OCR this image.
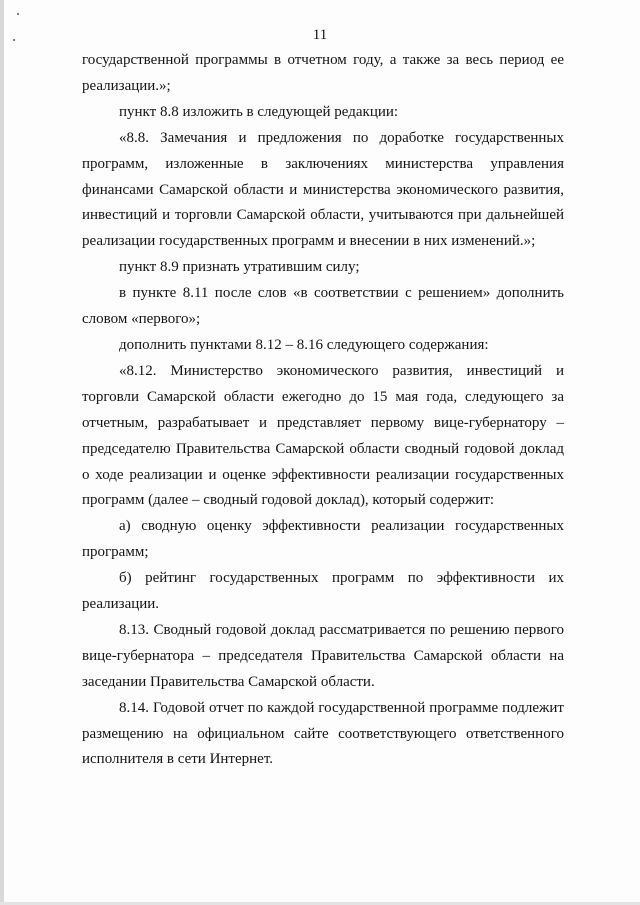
11

государственной программы в отчетном году, а также за весь период ее реализации.»;

пункт 8.8 изложить в следующей редакции:

«8.8. Замечания и предложения по доработке государственных программ, изложенные в заключениях министерства управления финансами Самарской области и министерства экономического развития, инвестиций и торговли Самарской области, учитываются при дальнейшей реализации государственных программ и внесении в них изменений.»;

пункт 8.9 признать утратившим силу;

в пункте 8.11 после слов «в соответствии с решением» дополнить словом «первого»;

дополнить пунктами 8.12 – 8.16 следующего содержания:

«8.12. Министерство экономического развития, инвестиций и торговли Самарской области ежегодно до 15 мая года, следующего за отчетным, разрабатывает и представляет первому вице-губернатору – председателю Правительства Самарской области сводный годовой доклад о ходе реализации и оценке эффективности реализации государственных программ (далее – сводный годовой доклад), который содержит:

а) сводную оценку эффективности реализации государственных программ;

б) рейтинг государственных программ по эффективности их реализации.

8.13. Сводный годовой доклад рассматривается по решению первого вице-губернатора – председателя Правительства Самарской области на заседании Правительства Самарской области.

8.14. Годовой отчет по каждой государственной программе подлежит размещению на официальном сайте соответствующего ответственного исполнителя в сети Интернет.
